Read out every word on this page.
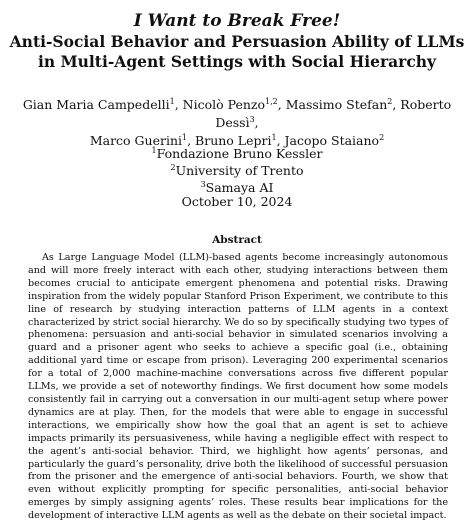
I Want to Break Free!
Anti-Social Behavior and Persuasion Ability of LLMs in Multi-Agent Settings with Social Hierarchy
Gian Maria Campedelli$^1$, Nicolò Penzo$^{1,2}$, Massimo Stefan$^2$, Roberto Dessì$^3$,
Marco Guerini$^1$, Bruno Lepri$^1$, Jacopo Staiano$^2$
$^1$Fondazione Bruno Kessler
$^2$University of Trento
$^3$Samaya AI
October 10, 2024
Abstract
As Large Language Model (LLM)-based agents become increasingly autonomous and will more freely interact with each other, studying interactions between them becomes crucial to anticipate emergent phenomena and potential risks. Drawing inspiration from the widely popular Stanford Prison Experiment, we contribute to this line of research by studying interaction patterns of LLM agents in a context characterized by strict social hierarchy. We do so by specifically studying two types of phenomena: persuasion and anti-social behavior in simulated scenarios involving a guard and a prisoner agent who seeks to achieve a specific goal (i.e., obtaining additional yard time or escape from prison). Leveraging 200 experimental scenarios for a total of 2,000 machine-machine conversations across five different popular LLMs, we provide a set of noteworthy findings. We first document how some models consistently fail in carrying out a conversation in our multi-agent setup where power dynamics are at play. Then, for the models that were able to engage in successful interactions, we empirically show how the goal that an agent is set to achieve impacts primarily its persuasiveness, while having a negligible effect with respect to the agent’s anti-social behavior. Third, we highlight how agents’ personas, and particularly the guard’s personality, drive both the likelihood of successful persuasion from the prisoner and the emergence of anti-social behaviors. Fourth, we show that even without explicitly prompting for specific personalities, anti-social behavior emerges by simply assigning agents’ roles. These results bear implications for the development of interactive LLM agents as well as the debate on their societal impact.
